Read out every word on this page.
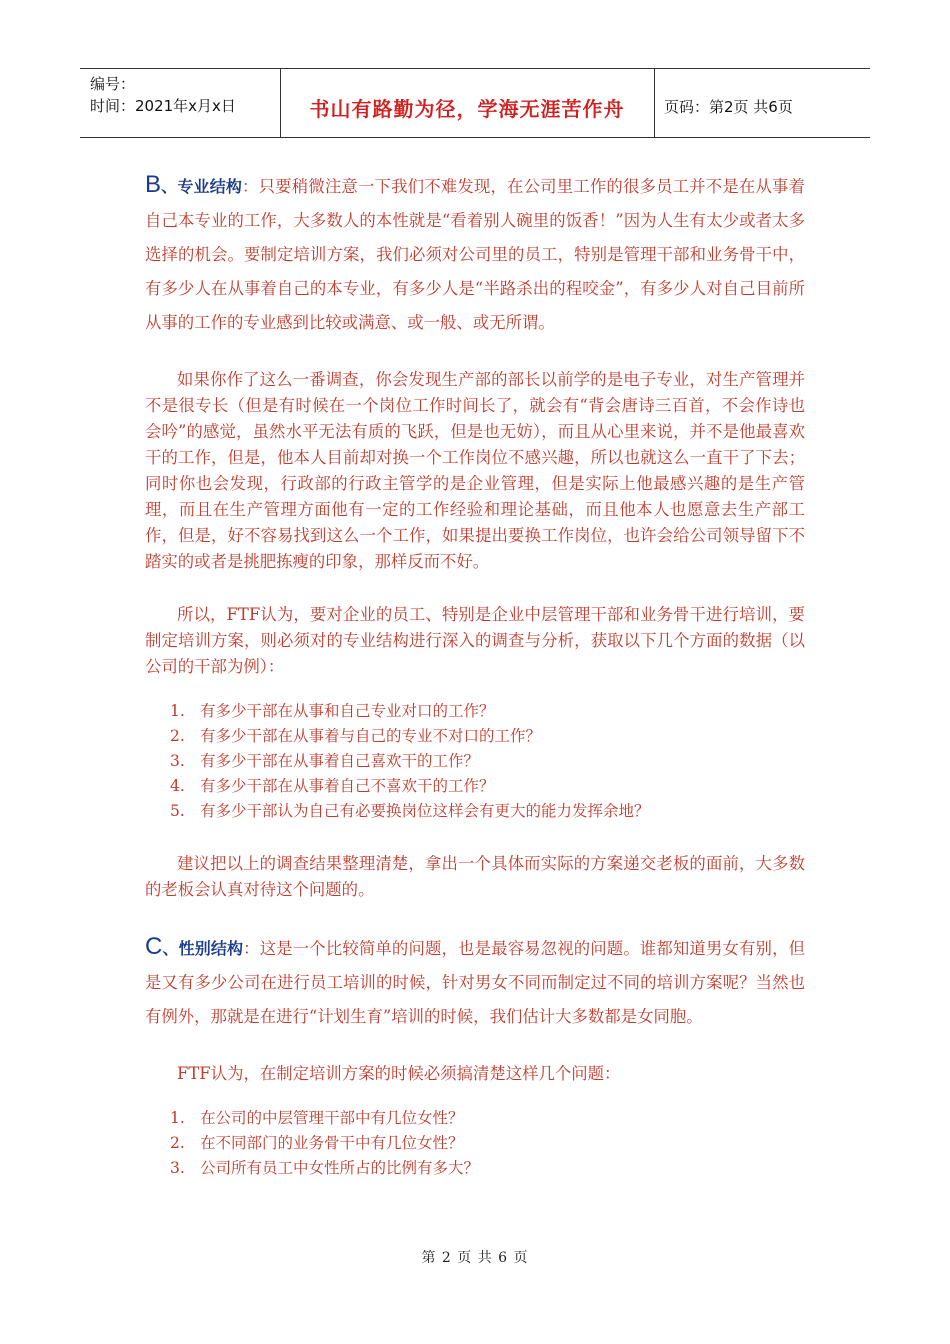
编号：
时间：2021年x月x日	书山有路勤为径，学海无涯苦作舟	页码：第2页 共6页

B、专业结构：只要稍微注意一下我们不难发现，在公司里工作的很多员工并不是在从事着自己本专业的工作，大多数人的本性就是“看着别人碗里的饭香！”因为人生有太少或者太多选择的机会。要制定培训方案，我们必须对公司里的员工，特别是管理干部和业务骨干中，有多少人在从事着自己的本专业，有多少人是“半路杀出的程咬金”，有多少人对自己目前所从事的工作的专业感到比较或满意、或一般、或无所谓。

如果你作了这么一番调查，你会发现生产部的部长以前学的是电子专业，对生产管理并不是很专长（但是有时候在一个岗位工作时间长了，就会有“背会唐诗三百首，不会作诗也会吟”的感觉，虽然水平无法有质的飞跃，但是也无妨），而且从心里来说，并不是他最喜欢干的工作，但是，他本人目前却对换一个工作岗位不感兴趣，所以也就这么一直干了下去；同时你也会发现，行政部的行政主管学的是企业管理，但是实际上他最感兴趣的是生产管理，而且在生产管理方面他有一定的工作经验和理论基础，而且他本人也愿意去生产部工作，但是，好不容易找到这么一个工作，如果提出要换工作岗位，也许会给公司领导留下不踏实的或者是挑肥拣瘦的印象，那样反而不好。

所以，FTF认为，要对企业的员工、特别是企业中层管理干部和业务骨干进行培训，要制定培训方案，则必须对的专业结构进行深入的调查与分析，获取以下几个方面的数据（以公司的干部为例）：

1. 有多少干部在从事和自己专业对口的工作？
2. 有多少干部在从事着与自己的专业不对口的工作？
3. 有多少干部在从事着自己喜欢干的工作？
4. 有多少干部在从事着自己不喜欢干的工作？
5. 有多少干部认为自己有必要换岗位这样会有更大的能力发挥余地？

建议把以上的调查结果整理清楚，拿出一个具体而实际的方案递交老板的面前，大多数的老板会认真对待这个问题的。

C、性别结构：这是一个比较简单的问题，也是最容易忽视的问题。谁都知道男女有别，但是又有多少公司在进行员工培训的时候，针对男女不同而制定过不同的培训方案呢？当然也有例外，那就是在进行“计划生育”培训的时候，我们估计大多数都是女同胞。

FTF认为，在制定培训方案的时候必须搞清楚这样几个问题：

1. 在公司的中层管理干部中有几位女性？
2. 在不同部门的业务骨干中有几位女性？
3. 公司所有员工中女性所占的比例有多大？
第 2 页 共 6 页
